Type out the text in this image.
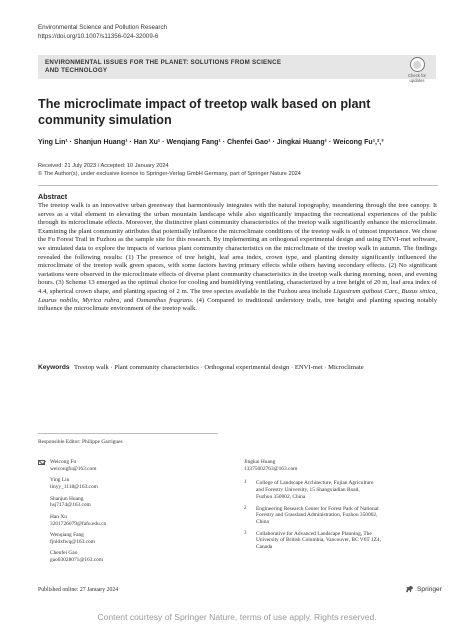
Environmental Science and Pollution Research
https://doi.org/10.1007/s11356-024-32009-6
ENVIRONMENTAL ISSUES FOR THE PLANET: SOLUTIONS FROM SCIENCE
AND TECHNOLOGY
Check for
updates
The microclimate impact of treetop walk based on plant community simulation
Ying Lin¹ · Shanjun Huang¹ · Han Xu¹ · Wenqiang Fang¹ · Chenfei Gao¹ · Jingkai Huang¹ · Weicong Fu¹,²,³
Received: 21 July 2023 / Accepted: 10 January 2024
© The Author(s), under exclusive licence to Springer-Verlag GmbH Germany, part of Springer Nature 2024
Abstract
The treetop walk is an innovative urban greenway that harmoniously integrates with the natural topography, meandering through the tree canopy. It serves as a vital element in elevating the urban mountain landscape while also significantly impacting the recreational experiences of the public through its microclimate effects. Moreover, the distinctive plant community characteristics of the treetop walk significantly enhance the microclimate. Examining the plant community attributes that potentially influence the microclimate conditions of the treetop walk is of utmost importance. We chose the Fu Forest Trail in Fuzhou as the sample site for this research. By implementing an orthogonal experimental design and using ENVI-met software, we simulated data to explore the impacts of various plant community characteristics on the microclimate of the treetop walk in autumn. The findings revealed the following results: (1) The presence of tree height, leaf area index, crown type, and planting density significantly influenced the microclimate of the treetop walk green spaces, with some factors having primary effects while others having secondary effects. (2) No significant variations were observed in the microclimate effects of diverse plant community characteristics in the treetop walk during morning, noon, and evening hours. (3) Scheme 13 emerged as the optimal choice for cooling and humidifying ventilating, characterized by a tree height of 20 m, leaf area index of 4.4, spherical crown shape, and planting spacing of 2 m. The tree species available in the Fuzhou area include Ligustrum quihoui Carr., Buxus sinica, Laurus nobilis, Myrica rubra, and Osmanthus fragrans. (4) Compared to traditional understory trails, tree height and planting spacing notably influence the microclimate environment of the treetop walk.
Keywords Treetop walk · Plant community characteristics · Orthogonal experimental design · ENVI-met · Microclimate
Responsible Editor: Philippe Garrigues
Weicong Fu
weicongfu@163.com
Ying Lin
linyy_1118@163.com
Shanjun Huang
hsj7174@163.com
Han Xu
3201726079@fafu.edu.cn
Wenqiang Fang
fjnldxfwq@163.com
Chenfei Gao
gao03028071@163.com
Jingkai Huang
13375002763@163.com
1 College of Landscape Architecture, Fujian Agriculture
and Forestry University, 15 Shangxiadian Road,
Fuzhou 350002, China
2 Engineering Research Center for Forest Park of National
Forestry and Grassland Administration, Fuzhou 350002,
China
3 Collaborative for Advanced Landscape Planning, The
University of British Columbia, Vancouver, BC V6T 1Z4,
Canada
Published online: 27 January 2024	Springer
Content courtesy of Springer Nature, terms of use apply. Rights reserved.
